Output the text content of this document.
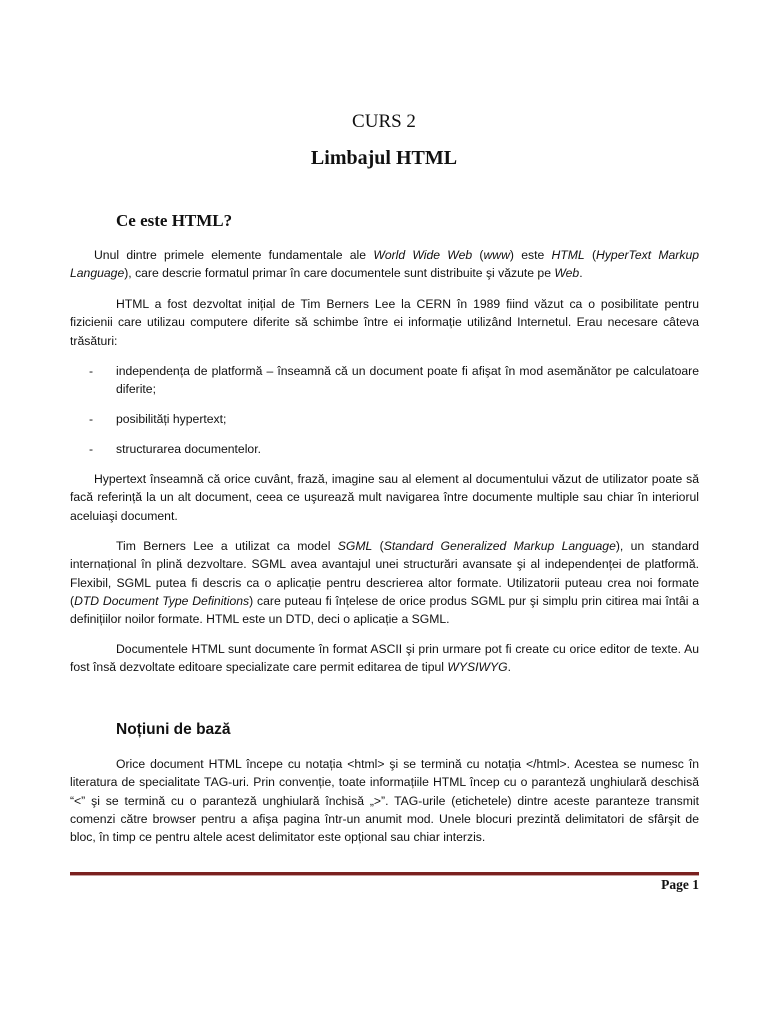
CURS 2
Limbajul HTML
Ce este HTML?

Unul dintre primele elemente fundamentale ale World Wide Web (www) este HTML (HyperText Markup Language), care descrie formatul primar în care documentele sunt distribuite şi văzute pe Web.

HTML a fost dezvoltat inițial de Tim Berners Lee la CERN în 1989 fiind văzut ca o posibilitate pentru fizicienii care utilizau computere diferite să schimbe între ei informație utilizând Internetul. Erau necesare câteva trăsături:

-	independența de platformă – înseamnă că un document poate fi afişat în mod asemănător pe calculatoare diferite;
-	posibilități hypertext;
-	structurarea documentelor.

Hypertext înseamnă că orice cuvânt, frază, imagine sau al element al documentului văzut de utilizator poate să facă referință la un alt document, ceea ce uşurează mult navigarea între documente multiple sau chiar în interiorul aceluiaşi document.

Tim Berners Lee a utilizat ca model SGML (Standard Generalized Markup Language), un standard internațional în plină dezvoltare. SGML avea avantajul unei structurări avansate şi al independenței de platformă. Flexibil, SGML putea fi descris ca o aplicație pentru descrierea altor formate. Utilizatorii puteau crea noi formate (DTD Document Type Definitions) care puteau fi înțelese de orice produs SGML pur şi simplu prin citirea mai întâi a definițiilor noilor formate. HTML este un DTD, deci o aplicație a SGML.

Documentele HTML sunt documente în format ASCII şi prin urmare pot fi create cu orice editor de texte. Au fost însă dezvoltate editoare specializate care permit editarea de tipul WYSIWYG.

Noțiuni de bază

Orice document HTML începe cu notația <html> şi se termină cu notația </html>. Acestea se numesc în literatura de specialitate TAG-uri. Prin convenție, toate informațiile HTML încep cu o paranteză unghiulară deschisă “<” şi se termină cu o paranteză unghiulară închisă „>”. TAG-urile (etichetele) dintre aceste paranteze transmit comenzi către browser pentru a afişa pagina într-un anumit mod. Unele blocuri prezintă delimitatori de sfârşit de bloc, în timp ce pentru altele acest delimitator este opțional sau chiar interzis.

Page 1
